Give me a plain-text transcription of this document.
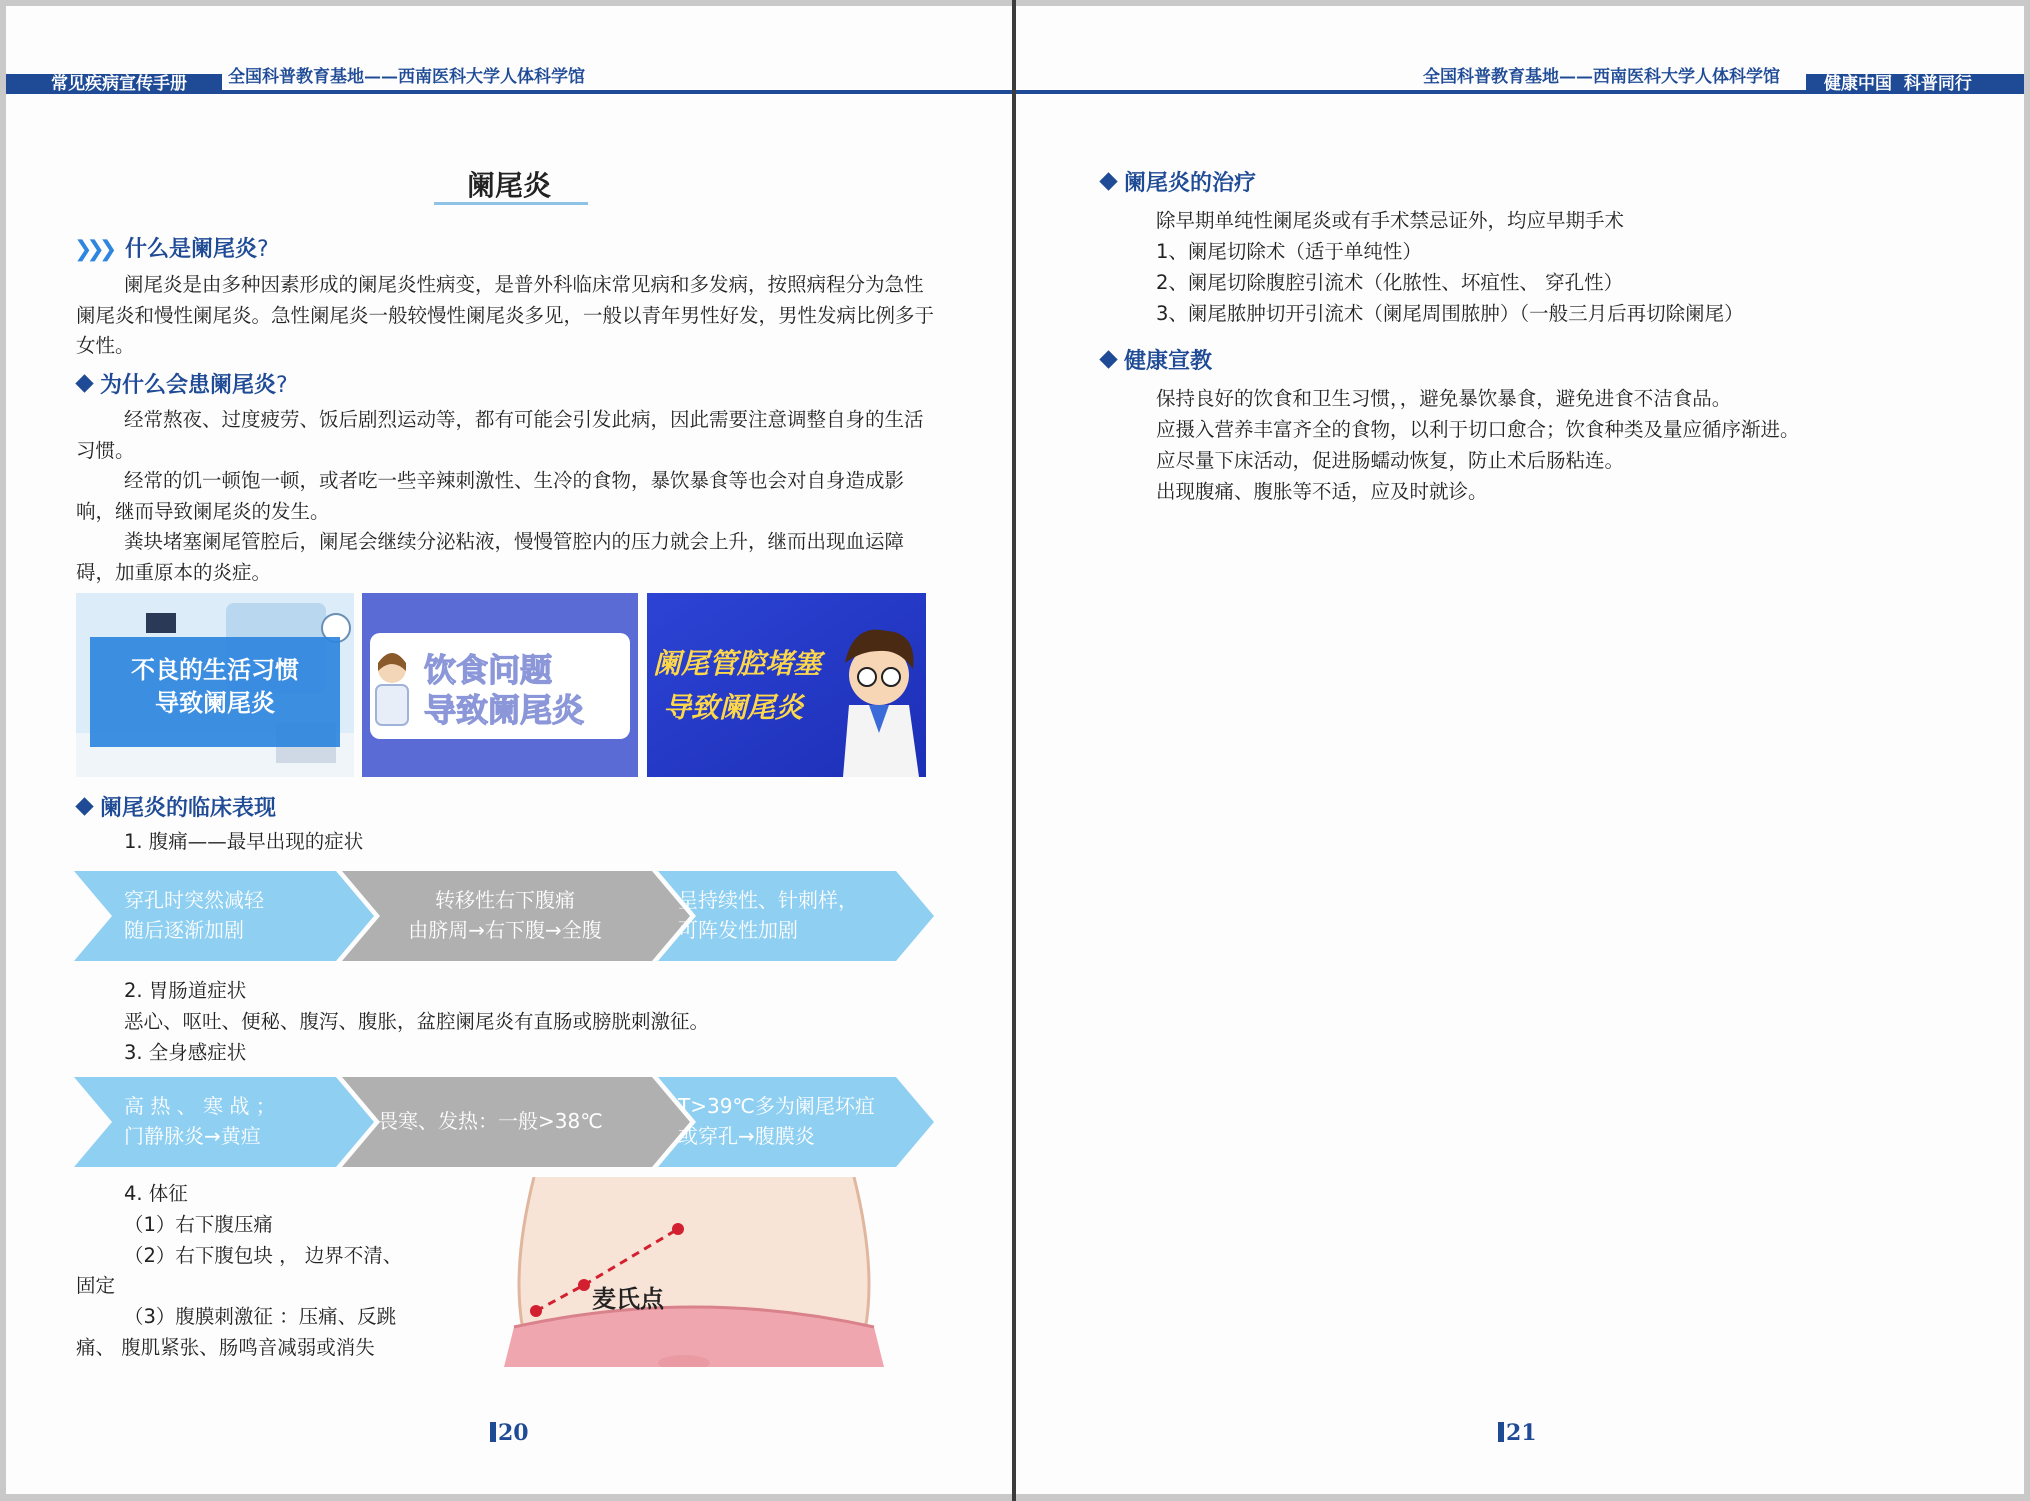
常见疾病宣传手册 全国科普教育基地——西南医科大学人体科学馆
阑尾炎
❯❯❯ 什么是阑尾炎?
阑尾炎是由多种因素形成的阑尾炎性病变，是普外科临床常见病和多发病，按照病程分为急性阑尾炎和慢性阑尾炎。急性阑尾炎一般较慢性阑尾炎多见，一般以青年男性好发，男性发病比例多于女性。
为什么会患阑尾炎?
经常熬夜、过度疲劳、饭后剧烈运动等，都有可能会引发此病，因此需要注意调整自身的生活习惯。
经常的饥一顿饱一顿，或者吃一些辛辣刺激性、生冷的食物，暴饮暴食等也会对自身造成影响，继而导致阑尾炎的发生。
粪块堵塞阑尾管腔后，阑尾会继续分泌粘液，慢慢管腔内的压力就会上升，继而出现血运障碍，加重原本的炎症。
不良的生活习惯
导致阑尾炎
饮食问题
导致阑尾炎
阑尾管腔堵塞
导致阑尾炎
阑尾炎的临床表现
1. 腹痛——最早出现的症状
穿孔时突然减轻
随后逐渐加剧
转移性右下腹痛
由脐周→右下腹→全腹
呈持续性、针刺样，
可阵发性加剧
2. 胃肠道症状
恶心、呕吐、便秘、腹泻、腹胀，盆腔阑尾炎有直肠或膀胱刺激征。
3. 全身感症状
高 热 、 寒 战 ；
门静脉炎→黄疸
畏寒、发热：一般>38℃
T>39℃多为阑尾坏疽
或穿孔→腹膜炎
4. 体征
（1）右下腹压痛
（2）右下腹包块 ， 边界不清、
固定
（3）腹膜刺激征 ：压痛、反跳
痛、 腹肌紧张、肠鸣音减弱或消失
麦氏点
20
全国科普教育基地——西南医科大学人体科学馆	健康中国  科普同行
阑尾炎的治疗
除早期单纯性阑尾炎或有手术禁忌证外，均应早期手术
1、阑尾切除术（适于单纯性）
2、阑尾切除腹腔引流术（化脓性、坏疽性、 穿孔性）
3、阑尾脓肿切开引流术（阑尾周围脓肿）（一般三月后再切除阑尾）
健康宣教
保持良好的饮食和卫生习惯，，避免暴饮暴食，避免进食不洁食品。
应摄入营养丰富齐全的食物，以利于切口愈合；饮食种类及量应循序渐进。
应尽量下床活动，促进肠蠕动恢复，防止术后肠粘连。
出现腹痛、腹胀等不适，应及时就诊。
21
